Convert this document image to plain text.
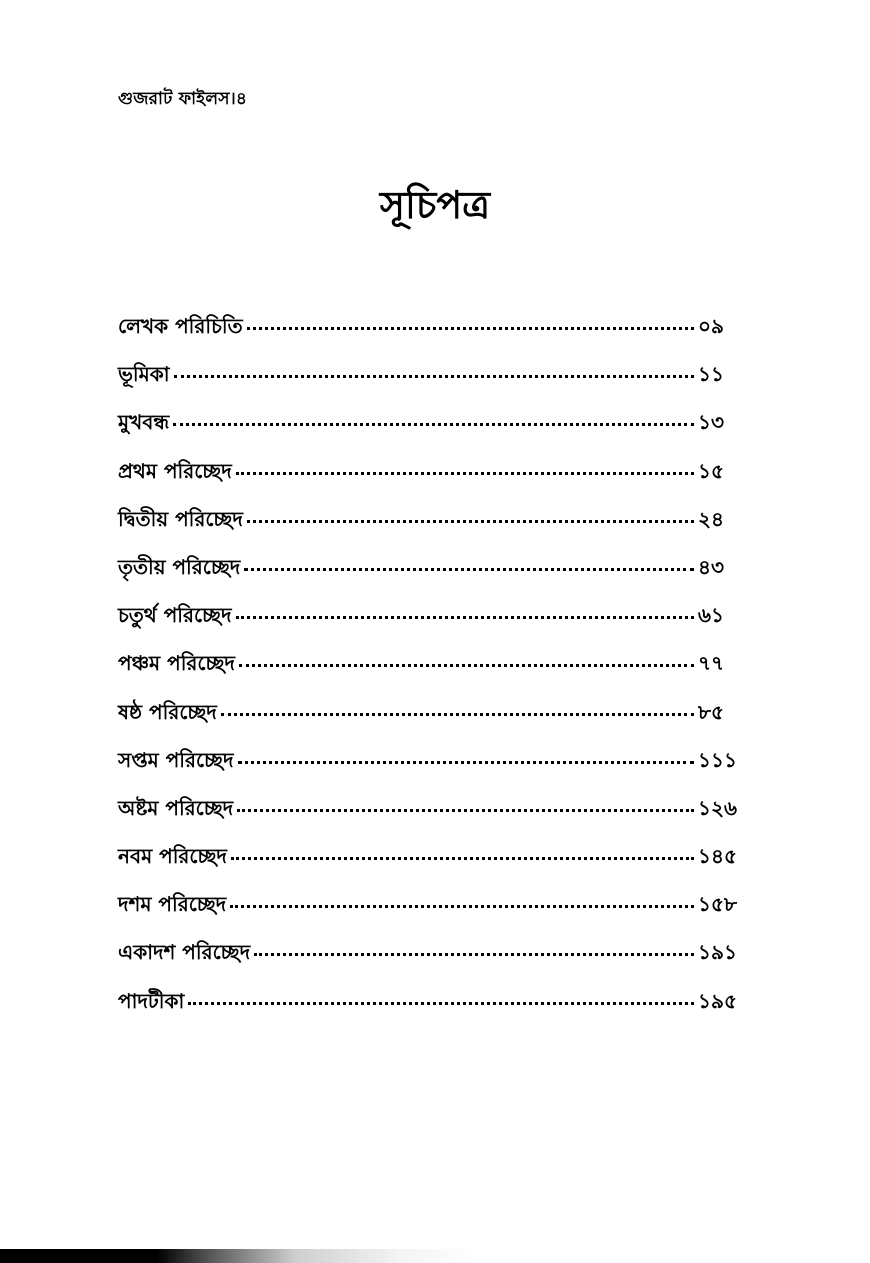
গুজরাট ফাইলস।৪
সূচিপত্র
লেখক পরিচিতি	০৯
ভূমিকা	১১
মুখবন্ধ	১৩
প্রথম পরিচ্ছেদ	১৫
দ্বিতীয় পরিচ্ছেদ	২৪
তৃতীয় পরিচ্ছেদ	৪৩
চতুর্থ পরিচ্ছেদ	৬১
পঞ্চম পরিচ্ছেদ	৭৭
ষষ্ঠ পরিচ্ছেদ	৮৫
সপ্তম পরিচ্ছেদ	১১১
অষ্টম পরিচ্ছেদ	১২৬
নবম পরিচ্ছেদ	১৪৫
দশম পরিচ্ছেদ	১৫৮
একাদশ পরিচ্ছেদ	১৯১
পাদটীকা	১৯৫
